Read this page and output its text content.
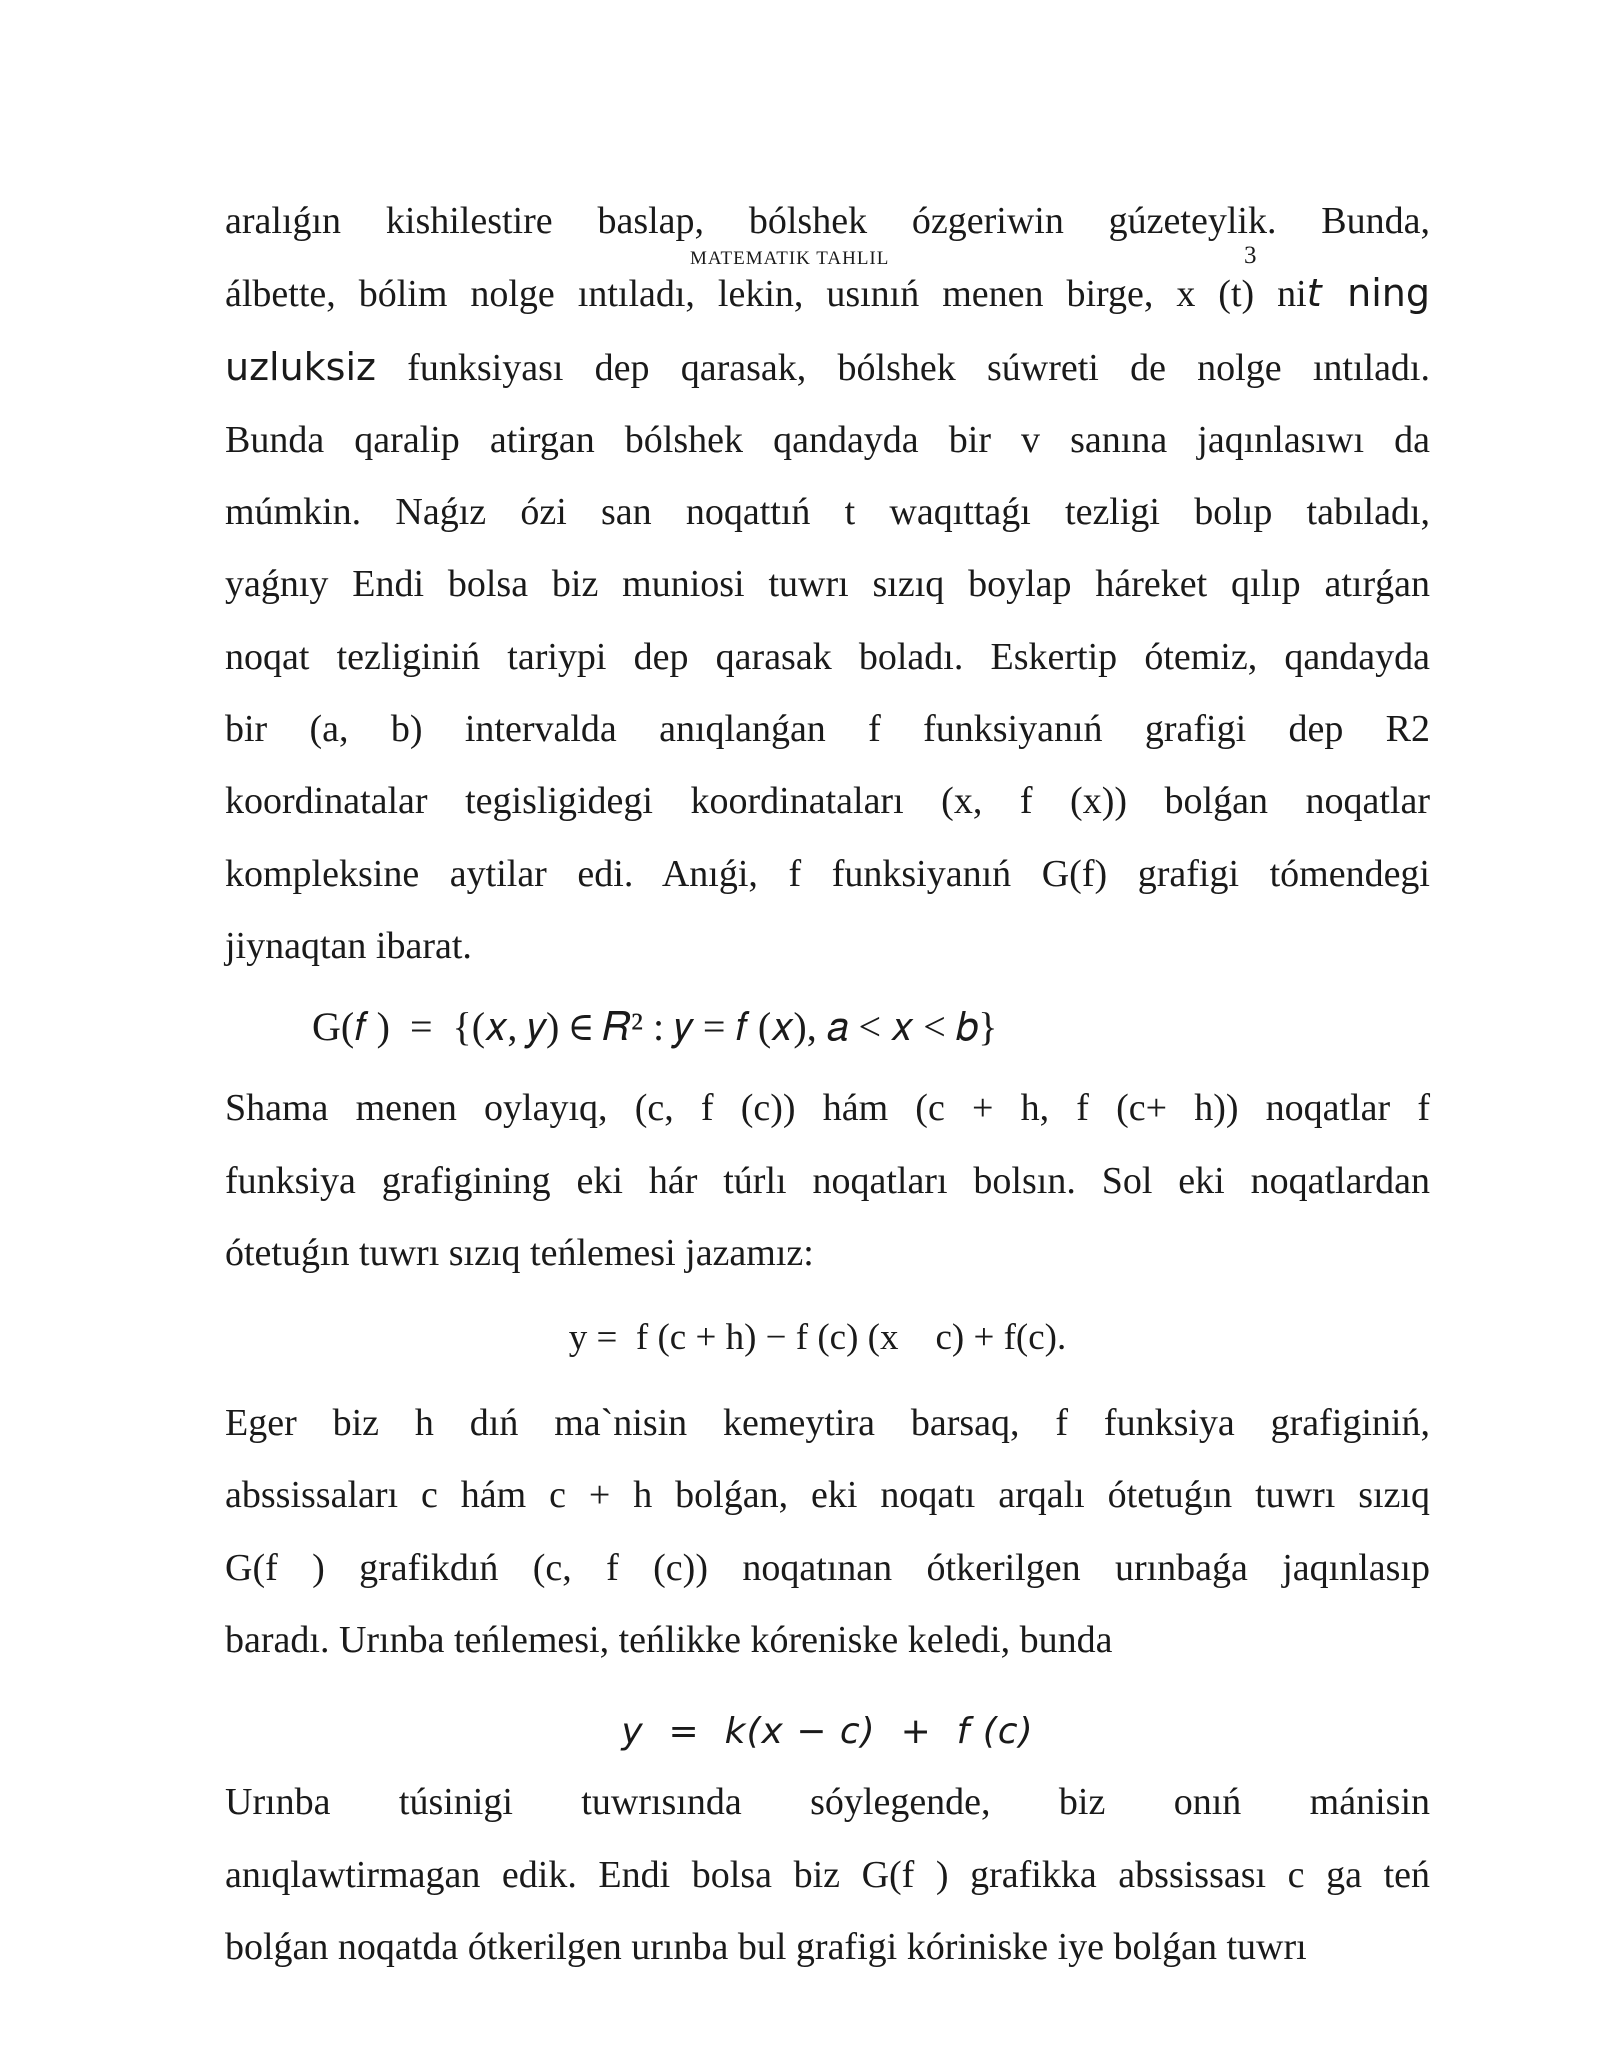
MATEMATIK TAHLIL	3

aralıǵın kishilestire baslap, bólshek ózgeriwin gúzeteylik. Bunda,

álbette, bólim nolge ıntıladı, lekin, usınıń menen birge, x (t) nit ning

uzluksiz funksiyası dep qarasak, bólshek súwreti de nolge ıntıladı.

Bunda qaralip atirgan bólshek qandayda bir v sanına jaqınlasıwı da

múmkin. Naǵız ózi san noqattıń t waqıttaǵı tezligi bolıp tabıladı,

yaǵnıy Endi bolsa biz muniosi tuwrı sızıq boylap háreket qılıp atırǵan

noqat tezliginiń tariypi dep qarasak boladı. Eskertip ótemiz, qandayda

bir (a, b) intervalda anıqlanǵan f funksiyanıń grafigi dep R2

koordinatalar tegisligidegi koordinataları (x, f (x)) bolǵan noqatlar

kompleksine aytilar edi. Anıǵi, f funksiyanıń G(f) grafigi tómendegi

jiynaqtan ibarat.

G(𝑓 )  =  {(𝑥, 𝑦) ∈ 𝑅² : 𝑦 = 𝑓 (𝑥), 𝑎 < 𝑥 < 𝑏}

Shama menen oylayıq, (c, f (c)) hám (c + h, f (c+ h)) noqatlar f

funksiya grafigining eki hár túrlı noqatları bolsın. Sol eki noqatlardan

ótetuǵın tuwrı sızıq teńlemesi jazamız:

y =  f (c + h) − f (c) (x    c) + f(c).

Eger biz h dıń ma`nisin kemeytira barsaq, f funksiya grafiginiń,

abssissaları c hám c + h bolǵan, eki noqatı arqalı ótetuǵın tuwrı sızıq

G(f ) grafikdıń (c, f (c)) noqatınan ótkerilgen urınbaǵa jaqınlasıp

baradı. Urınba teńlemesi, teńlikke kóreniske keledi, bunda

y  =  k(x − c)  +  f (c)

Urınba túsinigi tuwrısında sóylegende, biz onıń mánisin

anıqlawtirmagan edik. Endi bolsa biz G(f ) grafikka abssissası c ga teń

bolǵan noqatda ótkerilgen urınba bul grafigi kóriniske iye bolǵan tuwrı
